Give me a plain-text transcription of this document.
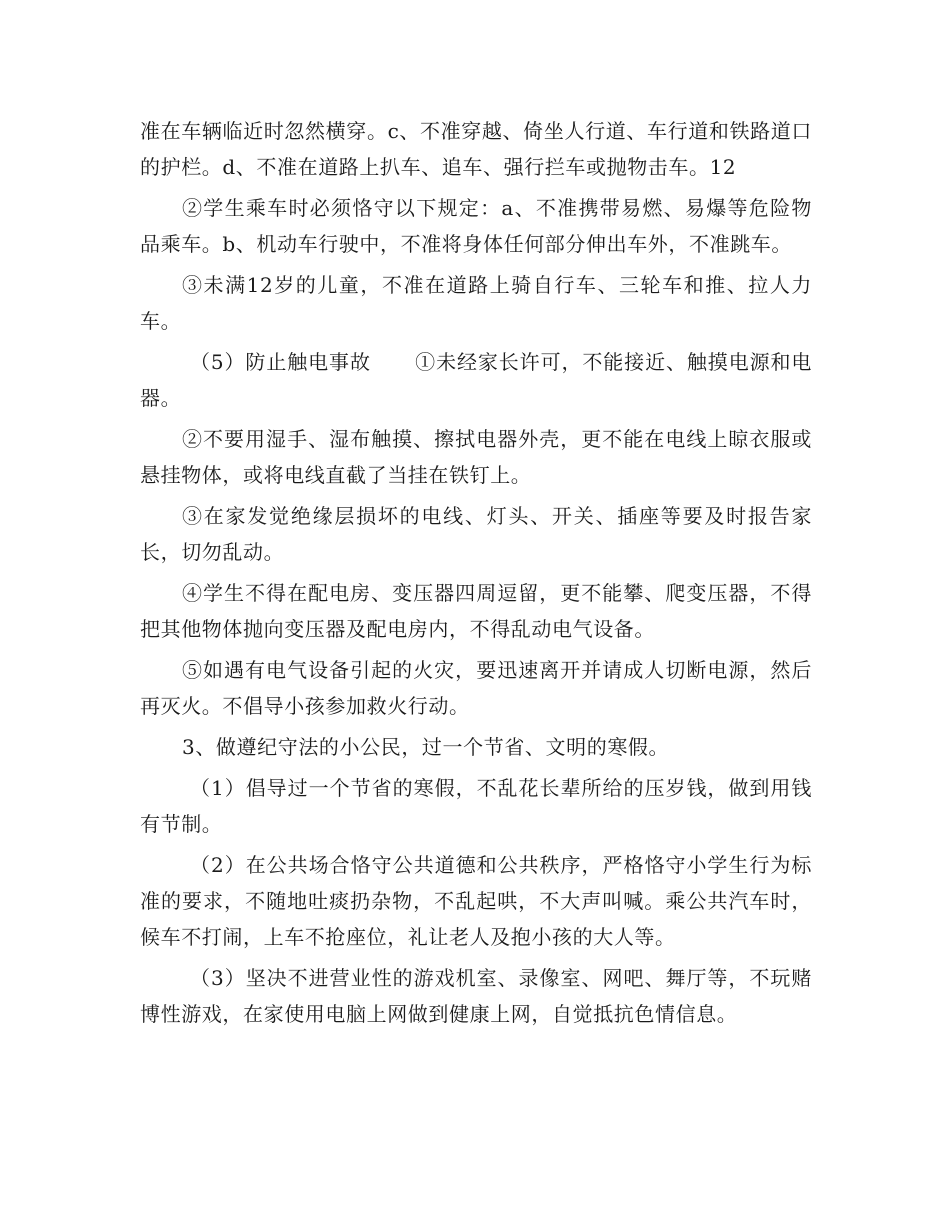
准在车辆临近时忽然横穿。c、不准穿越、倚坐人行道、车行道和铁路道口的护栏。d、不准在道路上扒车、追车、强行拦车或抛物击车。12

②学生乘车时必须恪守以下规定：a、不准携带易燃、易爆等危险物品乘车。b、机动车行驶中，不准将身体任何部分伸出车外，不准跳车。

③未满12岁的儿童，不准在道路上骑自行车、三轮车和推、拉人力车。

（5）防止触电事故 ①未经家长许可，不能接近、触摸电源和电器。

②不要用湿手、湿布触摸、擦拭电器外壳，更不能在电线上晾衣服或悬挂物体，或将电线直截了当挂在铁钉上。

③在家发觉绝缘层损坏的电线、灯头、开关、插座等要及时报告家长，切勿乱动。

④学生不得在配电房、变压器四周逗留，更不能攀、爬变压器，不得把其他物体抛向变压器及配电房内，不得乱动电气设备。

⑤如遇有电气设备引起的火灾，要迅速离开并请成人切断电源，然后再灭火。不倡导小孩参加救火行动。

3、做遵纪守法的小公民，过一个节省、文明的寒假。

（1）倡导过一个节省的寒假，不乱花长辈所给的压岁钱，做到用钱有节制。

（2）在公共场合恪守公共道德和公共秩序，严格恪守小学生行为标准的要求，不随地吐痰扔杂物，不乱起哄，不大声叫喊。乘公共汽车时，候车不打闹，上车不抢座位，礼让老人及抱小孩的大人等。

（3）坚决不进营业性的游戏机室、录像室、网吧、舞厅等，不玩赌博性游戏，在家使用电脑上网做到健康上网，自觉抵抗色情信息。
